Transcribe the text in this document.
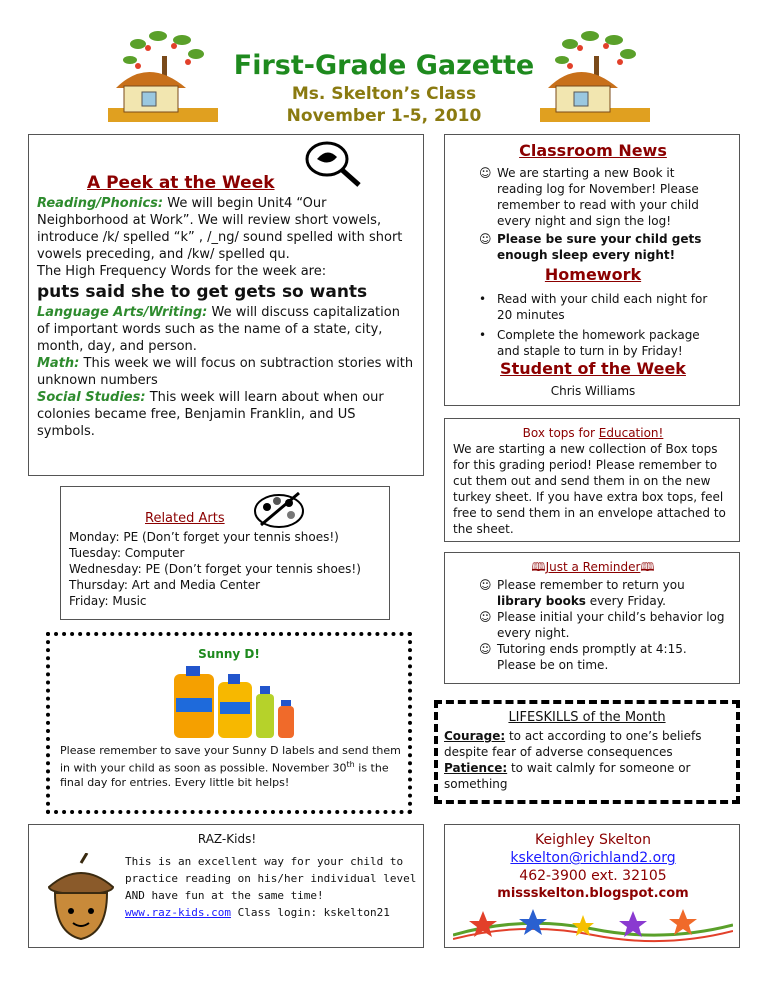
First-Grade Gazette
Ms. Skelton’s Class
November 1-5, 2010
A Peek at the Week

Reading/Phonics: We will begin Unit4 “Our Neighborhood at Work”. We will review short vowels, introduce /k/ spelled “k” , /_ng/ sound spelled with short vowels preceding, and /kw/ spelled qu.

The High Frequency Words for the week are:

puts said she to get gets so wants

Language Arts/Writing: We will discuss capitalization of important words such as the name of a state, city, month, day, and person.

Math: This week we will focus on subtraction stories with unknown numbers

Social Studies: This week will learn about when our colonies became free, Benjamin Franklin, and US symbols.

Classroom News
☺ We are starting a new Book it reading log for November! Please remember to read with your child every night and sign the log!
☺ Please be sure your child gets enough sleep every night!
Homework
• Read with your child each night for 20 minutes
• Complete the homework package and staple to turn in by Friday!
Student of the Week
Chris Williams
Box tops for Education!
We are starting a new collection of Box tops for this grading period! Please remember to cut them out and send them in on the new turkey sheet. If you have extra box tops, feel free to send them in an envelope attached to the sheet.
Related Arts

Monday: PE (Don’t forget your tennis shoes!)

Tuesday: Computer

Wednesday: PE (Don’t forget your tennis shoes!)

Thursday: Art and Media Center

Friday: Music

🕮Just a Reminder🕮
☺ Please remember to return you library books every Friday.
☺ Please initial your child’s behavior log every night.
☺ Tutoring ends promptly at 4:15. Please be on time.
Sunny D!
Please remember to save your Sunny D labels and send them in with your child as soon as possible. November 30th is the final day for entries. Every little bit helps!
LIFESKILLS of the Month

Courage: to act according to one’s beliefs despite fear of adverse consequences

Patience: to wait calmly for someone or something

RAZ-Kids!

This is an excellent way for your child to practice reading on his/her individual level AND have fun at the same time!

www.raz-kids.com Class login: kskelton21

Keighley Skelton
kskelton@richland2.org
462-3900 ext. 32105
missskelton.blogspot.com
